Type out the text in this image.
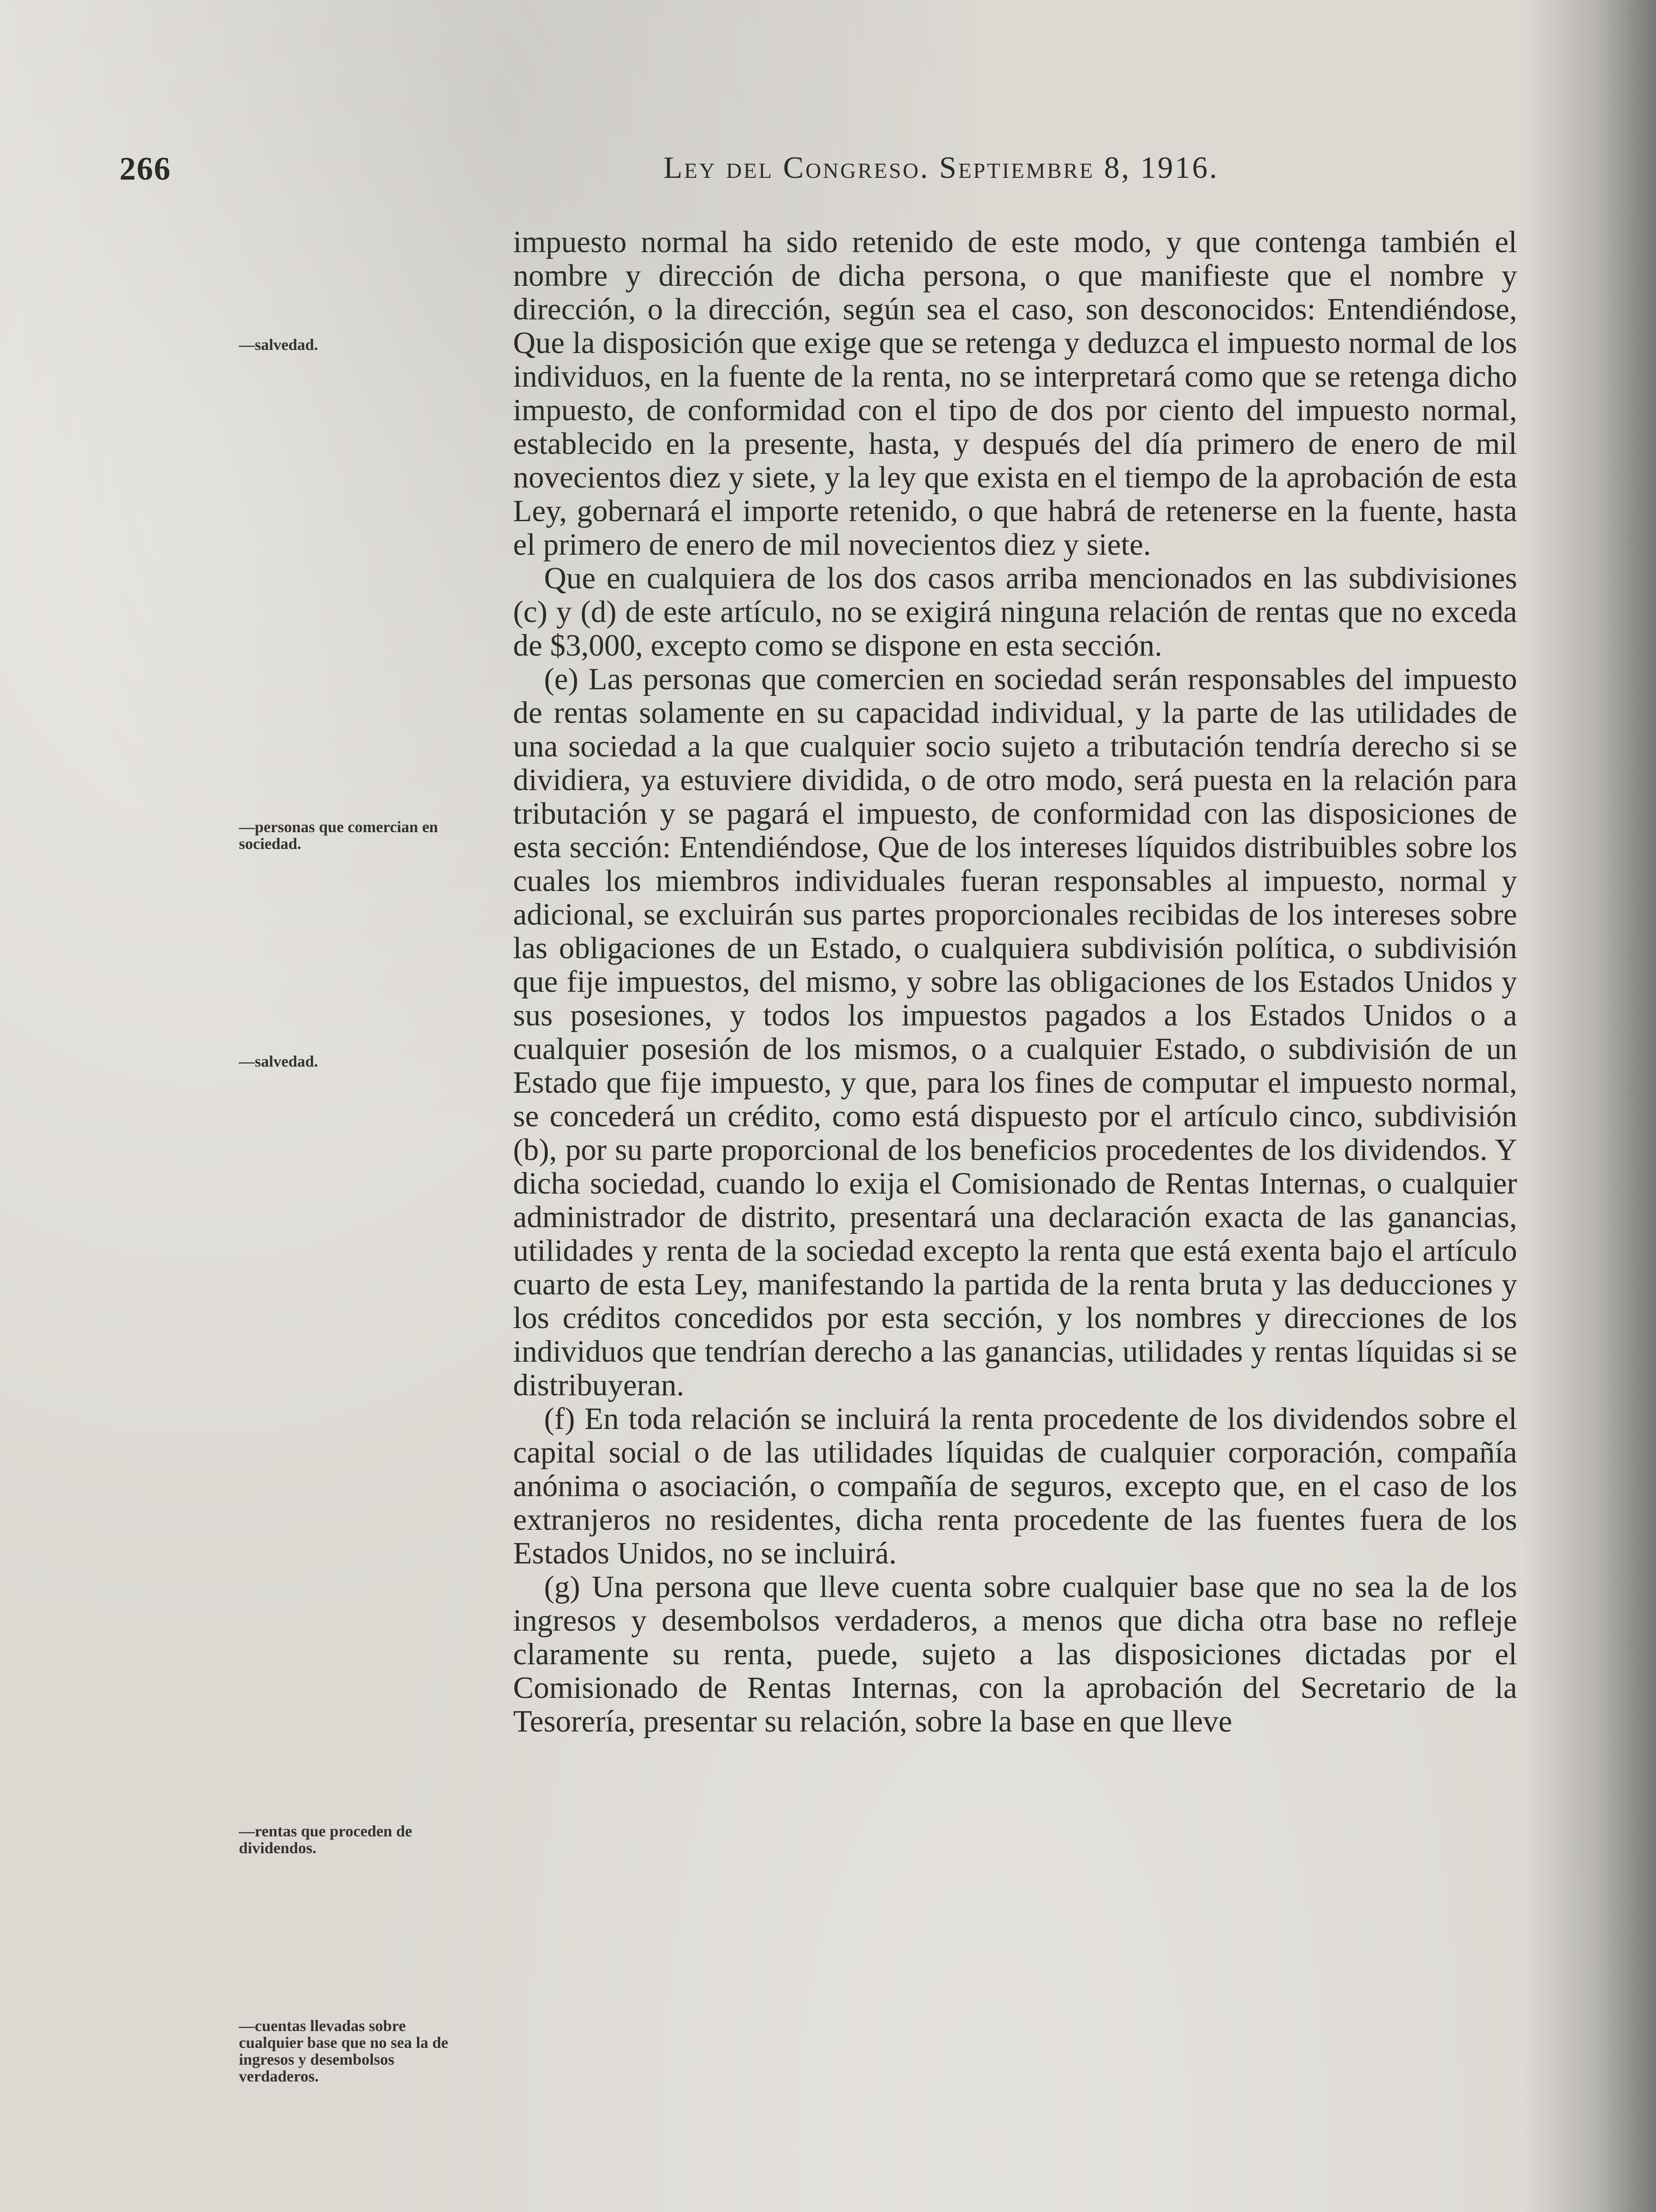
266	Ley del Congreso. Septiembre 8, 1916.
—salvedad.
—personas que comercian en sociedad.
—salvedad.
—rentas que proceden de dividendos.
—cuentas llevadas sobre cualquier base que no sea la de ingresos y desembolsos verdaderos.

impuesto normal ha sido retenido de este modo, y que contenga también el nombre y dirección de dicha persona, o que manifieste que el nombre y dirección, o la dirección, según sea el caso, son desconocidos: Entendiéndose, Que la disposición que exige que se retenga y deduzca el impuesto normal de los individuos, en la fuente de la renta, no se interpretará como que se retenga dicho impuesto, de conformidad con el tipo de dos por ciento del impuesto normal, establecido en la presente, hasta, y después del día primero de enero de mil novecientos diez y siete, y la ley que exista en el tiempo de la aprobación de esta Ley, gobernará el importe retenido, o que habrá de retenerse en la fuente, hasta el primero de enero de mil novecientos diez y siete.

Que en cualquiera de los dos casos arriba mencionados en las subdivisiones (c) y (d) de este artículo, no se exigirá ninguna relación de rentas que no exceda de $3,000, excepto como se dispone en esta sección.

(e) Las personas que comercien en sociedad serán responsables del impuesto de rentas solamente en su capacidad individual, y la parte de las utilidades de una sociedad a la que cualquier socio sujeto a tributación tendría derecho si se dividiera, ya estuviere dividida, o de otro modo, será puesta en la relación para tributación y se pagará el impuesto, de conformidad con las disposiciones de esta sección: Entendiéndose, Que de los intereses líquidos distribuibles sobre los cuales los miembros individuales fueran responsables al impuesto, normal y adicional, se excluirán sus partes proporcionales recibidas de los intereses sobre las obligaciones de un Estado, o cualquiera subdivisión política, o subdivisión que fije impuestos, del mismo, y sobre las obligaciones de los Estados Unidos y sus posesiones, y todos los impuestos pagados a los Estados Unidos o a cualquier posesión de los mismos, o a cualquier Estado, o subdivisión de un Estado que fije impuesto, y que, para los fines de computar el impuesto normal, se concederá un crédito, como está dispuesto por el artículo cinco, subdivisión (b), por su parte proporcional de los beneficios procedentes de los dividendos. Y dicha sociedad, cuando lo exija el Comisionado de Rentas Internas, o cualquier administrador de distrito, presentará una declaración exacta de las ganancias, utilidades y renta de la sociedad excepto la renta que está exenta bajo el artículo cuarto de esta Ley, manifestando la partida de la renta bruta y las deducciones y los créditos concedidos por esta sección, y los nombres y direcciones de los individuos que tendrían derecho a las ganancias, utilidades y rentas líquidas si se distribuyeran.

(f) En toda relación se incluirá la renta procedente de los dividendos sobre el capital social o de las utilidades líquidas de cualquier corporación, compañía anónima o asociación, o compañía de seguros, excepto que, en el caso de los extranjeros no residentes, dicha renta procedente de las fuentes fuera de los Estados Unidos, no se incluirá.

(g) Una persona que lleve cuenta sobre cualquier base que no sea la de los ingresos y desembolsos verdaderos, a menos que dicha otra base no refleje claramente su renta, puede, sujeto a las disposiciones dictadas por el Comisionado de Rentas Internas, con la aprobación del Secretario de la Tesorería, presentar su relación, sobre la base en que lleve
